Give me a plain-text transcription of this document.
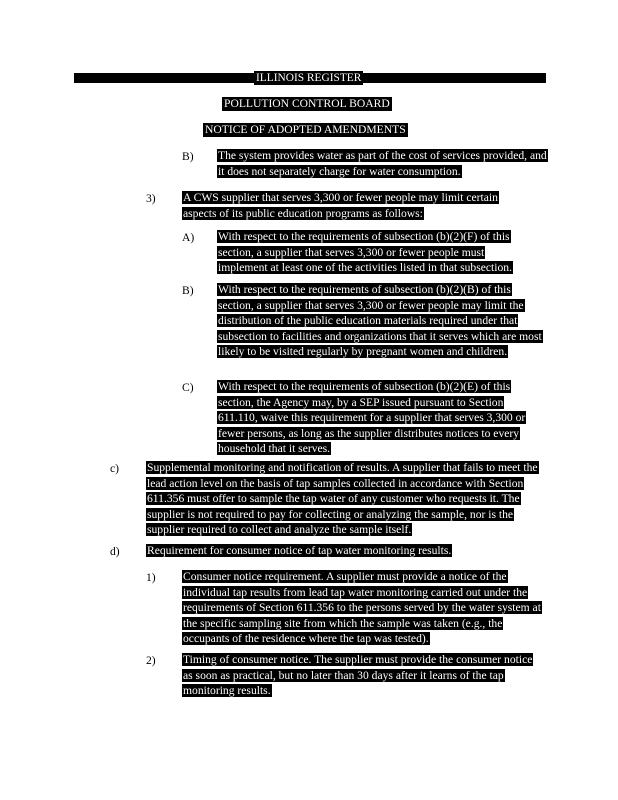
ILLINOIS REGISTER
POLLUTION CONTROL BOARD
NOTICE OF ADOPTED AMENDMENTS
B) The system provides water as part of the cost of services provided, and it does not separately charge for water consumption.
3) A CWS supplier that serves 3,300 or fewer people may limit certain aspects of its public education programs as follows:
A) With respect to the requirements of subsection (b)(2)(F) of this section, a supplier that serves 3,300 or fewer people must implement at least one of the activities listed in that subsection.
B) With respect to the requirements of subsection (b)(2)(B) of this section, a supplier that serves 3,300 or fewer people may limit the distribution of the public education materials required under that subsection to facilities and organizations that it serves which are most likely to be visited regularly by pregnant women and children.
C) With respect to the requirements of subsection (b)(2)(E) of this section, the Agency may, by a SEP issued pursuant to Section 611.110, waive this requirement for a supplier that serves 3,300 or fewer persons, as long as the supplier distributes notices to every household that it serves.
c) Supplemental monitoring and notification of results. A supplier that fails to meet the lead action level on the basis of tap samples collected in accordance with Section 611.356 must offer to sample the tap water of any customer who requests it. The supplier is not required to pay for collecting or analyzing the sample, nor is the supplier required to collect and analyze the sample itself.
d) Requirement for consumer notice of tap water monitoring results.
1) Consumer notice requirement. A supplier must provide a notice of the individual tap results from lead tap water monitoring carried out under the requirements of Section 611.356 to the persons served by the water system at the specific sampling site from which the sample was taken (e.g., the occupants of the residence where the tap was tested).
2) Timing of consumer notice. The supplier must provide the consumer notice as soon as practical, but no later than 30 days after it learns of the tap monitoring results.
